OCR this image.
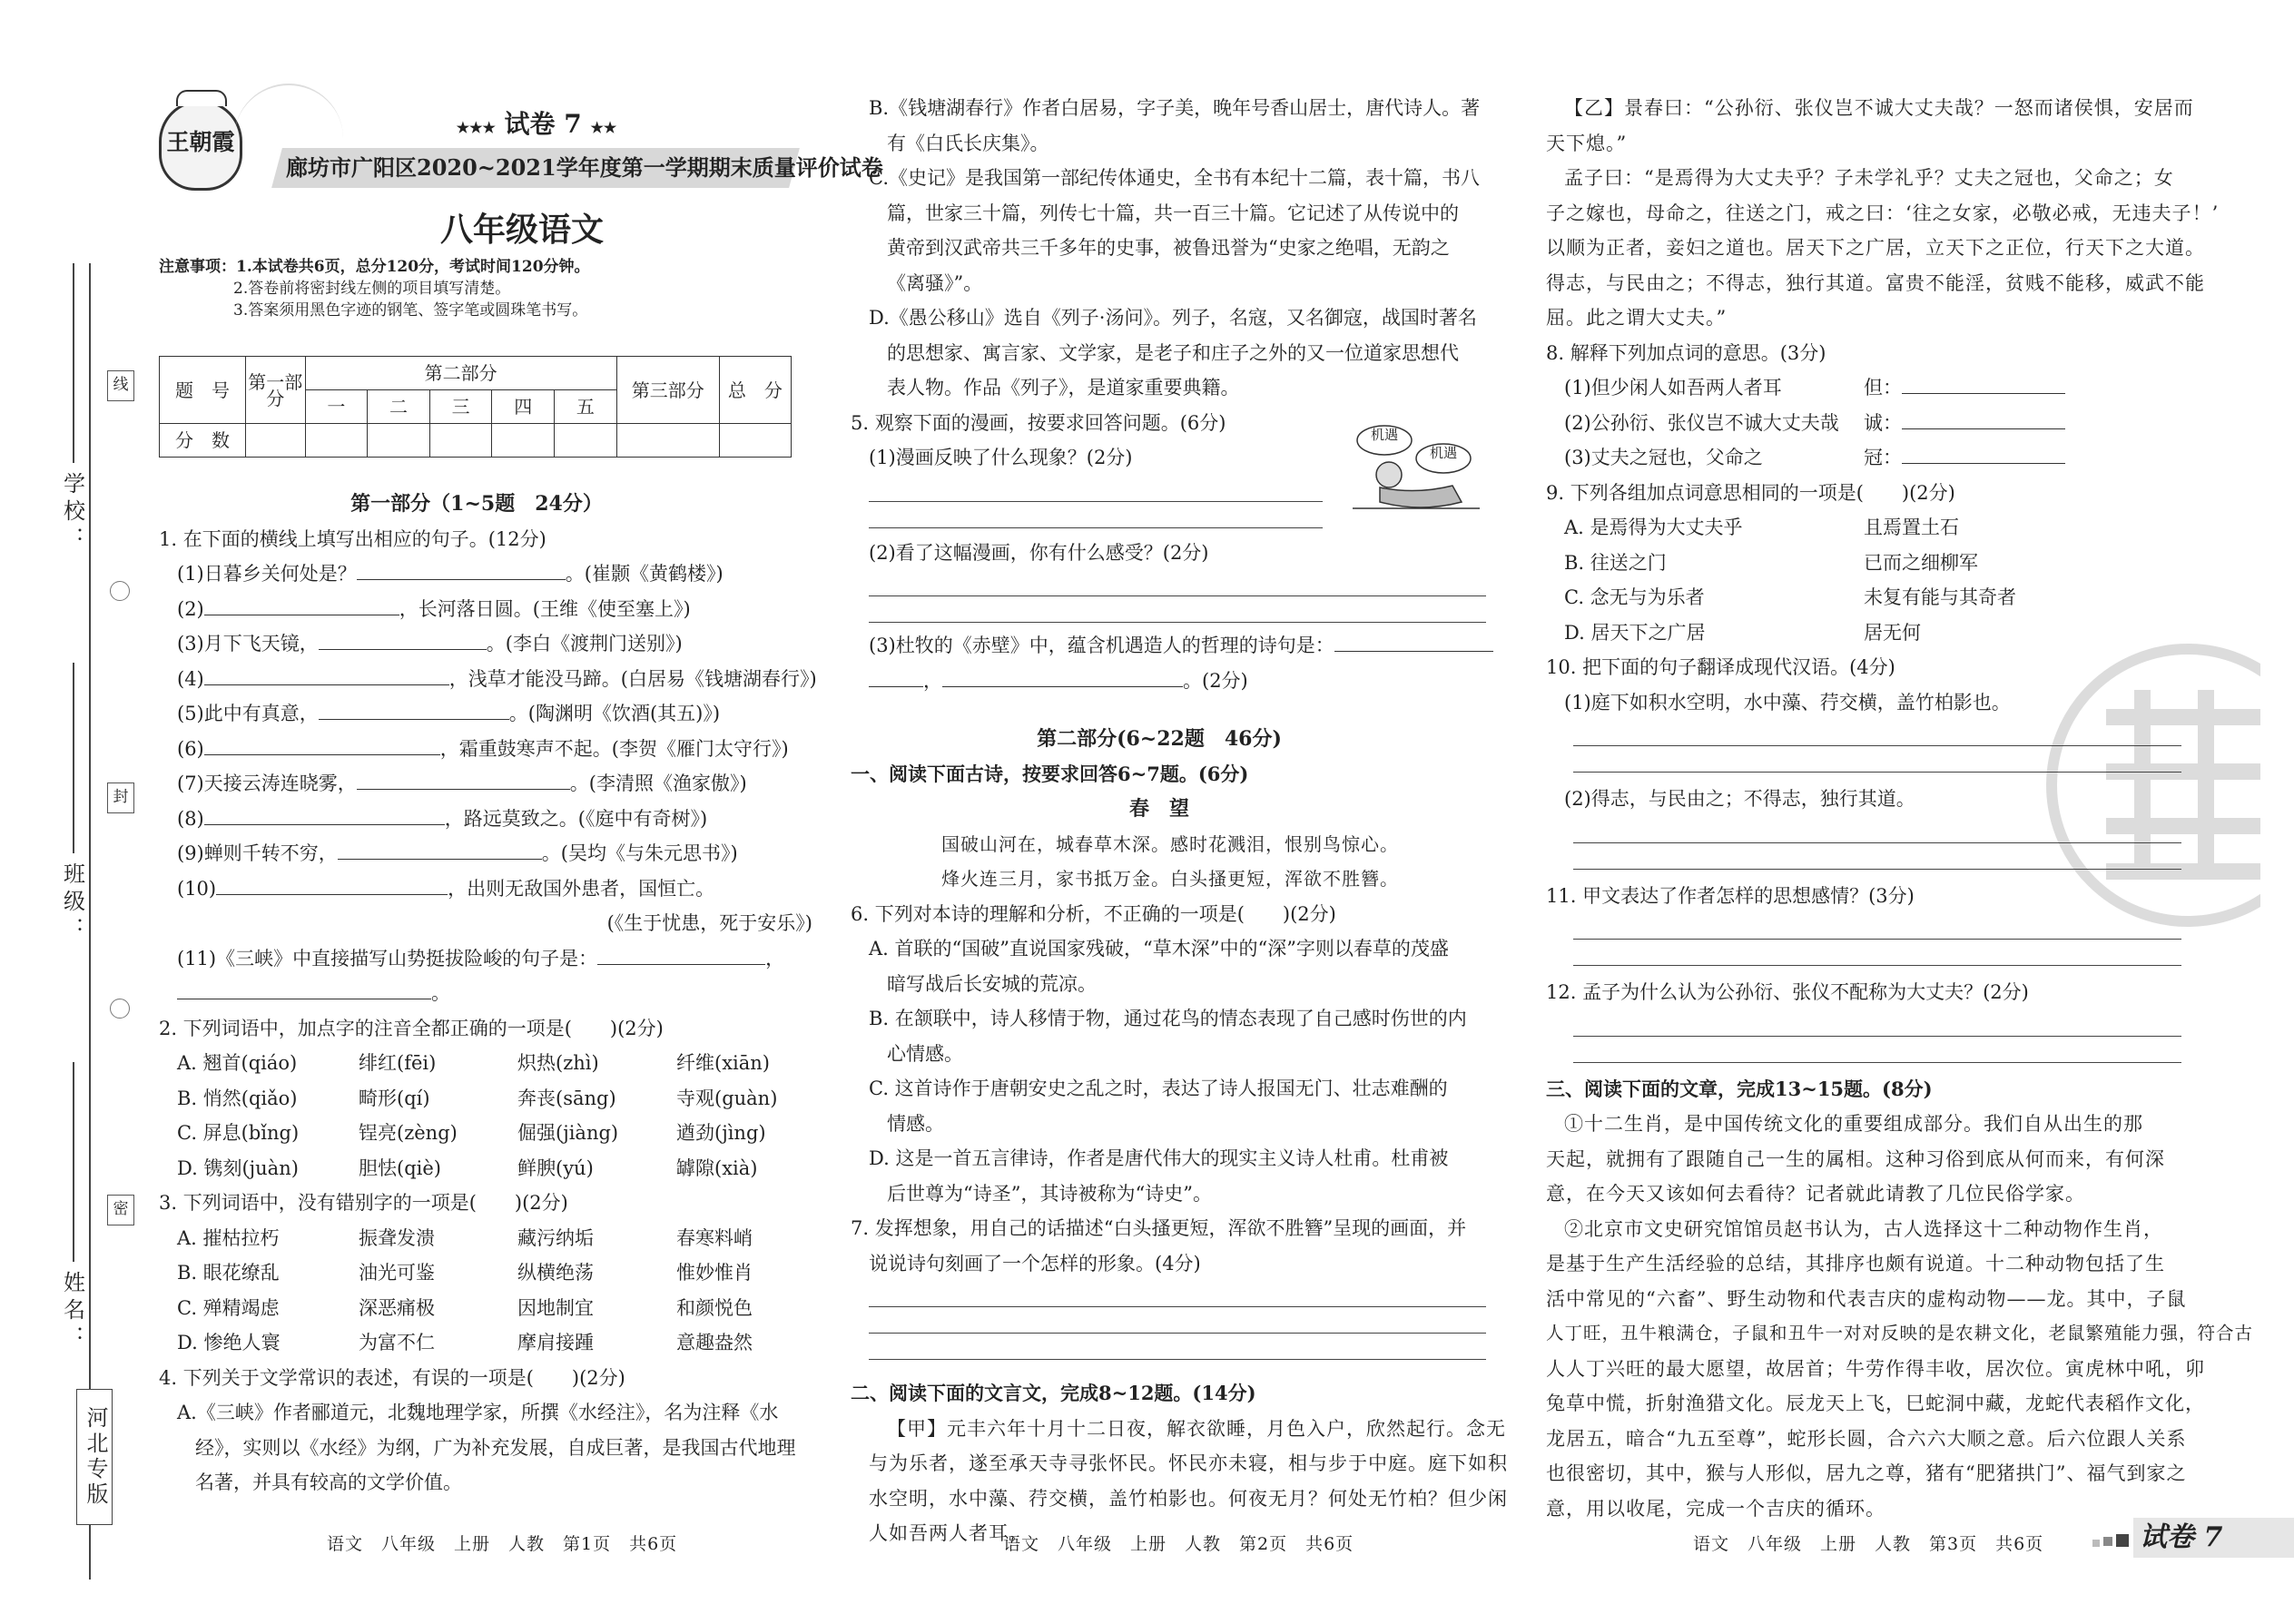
线
封
密
学校：
班级：
姓名：
河北专版
王朝霞
★★★ 试卷 7 ★★
廊坊市广阳区2020~2021学年度第一学期期末质量评价试卷
八年级语文
注意事项：1.本试卷共6页，总分120分，考试时间120分钟。
2.答卷前将密封线左侧的项目填写清楚。
3.答案须用黑色字迹的钢笔、签字笔或圆珠笔书写。
题　号	第一部分	第二部分					第三部分	总　分
		一	二	三	四	五		
分　数								
第一部分（1~5题　24分）
1. 在下面的横线上填写出相应的句子。(12分)
(1)日暮乡关何处是？	。(崔颢《黄鹤楼》)
(2)	，长河落日圆。(王维《使至塞上》)
(3)月下飞天镜，	。(李白《渡荆门送别》)
(4)	，浅草才能没马蹄。(白居易《钱塘湖春行》)
(5)此中有真意，	。(陶渊明《饮酒(其五)》)
(6)	，霜重鼓寒声不起。(李贺《雁门太守行》)
(7)天接云涛连晓雾，	。(李清照《渔家傲》)
(8)	，路远莫致之。(《庭中有奇树》)
(9)蝉则千转不穷，	。(吴均《与朱元思书》)
(10)	，出则无敌国外患者，国恒亡。
(《生于忧患，死于安乐》)
(11)《三峡》中直接描写山势挺拔险峻的句子是：	，
。
2. 下列词语中，加点字的注音全都正确的一项是(　　)(2分)
A. 翘首(qiáo)	绯红(fēi)	炽热(zhì)	纤维(xiān)
B. 悄然(qiǎo)	畸形(qí)	奔丧(sāng)	寺观(guàn)
C. 屏息(bǐng)	锃亮(zèng)	倔强(jiàng)	遒劲(jìng)
D. 镌刻(juàn)	胆怯(qiè)	鲜腴(yú)	罅隙(xià)
3. 下列词语中，没有错别字的一项是(　　)(2分)
A. 摧枯拉朽	振聋发溃	藏污纳垢	春寒料峭
B. 眼花缭乱	油光可鉴	纵横绝荡	惟妙惟肖
C. 殚精竭虑	深恶痛极	因地制宜	和颜悦色
D. 惨绝人寰	为富不仁	摩肩接踵	意趣盎然
4. 下列关于文学常识的表述，有误的一项是(　　)(2分)
A.《三峡》作者郦道元，北魏地理学家，所撰《水经注》，名为注释《水
经》，实则以《水经》为纲，广为补充发展，自成巨著，是我国古代地理
名著，并具有较高的文学价值。
B.《钱塘湖春行》作者白居易，字子美，晚年号香山居士，唐代诗人。著
有《白氏长庆集》。
C.《史记》是我国第一部纪传体通史，全书有本纪十二篇，表十篇，书八
篇，世家三十篇，列传七十篇，共一百三十篇。它记述了从传说中的
黄帝到汉武帝共三千多年的史事，被鲁迅誉为“史家之绝唱，无韵之
《离骚》”。
D.《愚公移山》选自《列子·汤问》。列子，名寇，又名御寇，战国时著名
的思想家、寓言家、文学家，是老子和庄子之外的又一位道家思想代
表人物。作品《列子》，是道家重要典籍。
5. 观察下面的漫画，按要求回答问题。(6分)
(1)漫画反映了什么现象？(2分)
(2)看了这幅漫画，你有什么感受？(2分)
(3)杜牧的《赤壁》中，蕴含机遇造人的哲理的诗句是：
，	。(2分)
第二部分(6~22题　46分)
一、阅读下面古诗，按要求回答6~7题。(6分)
春　望
国破山河在，城春草木深。感时花溅泪，恨别鸟惊心。
烽火连三月，家书抵万金。白头搔更短，浑欲不胜簪。
6. 下列对本诗的理解和分析，不正确的一项是(　　)(2分)
A. 首联的“国破”直说国家残破，“草木深”中的“深”字则以春草的茂盛
暗写战后长安城的荒凉。
B. 在颔联中，诗人移情于物，通过花鸟的情态表现了自己感时伤世的内
心情感。
C. 这首诗作于唐朝安史之乱之时，表达了诗人报国无门、壮志难酬的
情感。
D. 这是一首五言律诗，作者是唐代伟大的现实主义诗人杜甫。杜甫被
后世尊为“诗圣”，其诗被称为“诗史”。
7. 发挥想象，用自己的话描述“白头搔更短，浑欲不胜簪”呈现的画面，并
说说诗句刻画了一个怎样的形象。(4分)
二、阅读下面的文言文，完成8~12题。(14分)
【甲】元丰六年十月十二日夜，解衣欲睡，月色入户，欣然起行。念无
与为乐者，遂至承天寺寻张怀民。怀民亦未寝，相与步于中庭。庭下如积
水空明，水中藻、荇交横，盖竹柏影也。何夜无月？何处无竹柏？但少闲
人如吾两人者耳。
机遇
机遇
【乙】景春曰：“公孙衍、张仪岂不诚大丈夫哉？一怒而诸侯惧，安居而
天下熄。”
孟子曰：“是焉得为大丈夫乎？子未学礼乎？丈夫之冠也，父命之；女
子之嫁也，母命之，往送之门，戒之曰：‘往之女家，必敬必戒，无违夫子！’
以顺为正者，妾妇之道也。居天下之广居，立天下之正位，行天下之大道。
得志，与民由之；不得志，独行其道。富贵不能淫，贫贱不能移，威武不能
屈。此之谓大丈夫。”
8. 解释下列加点词的意思。(3分)
(1)但少闲人如吾两人者耳	但：
(2)公孙衍、张仪岂不诚大丈夫哉	诚：
(3)丈夫之冠也，父命之	冠：
9. 下列各组加点词意思相同的一项是(　　)(2分)
A. 是焉得为大丈夫乎	且焉置土石
B. 往送之门	已而之细柳军
C. 念无与为乐者	未复有能与其奇者
D. 居天下之广居	居无何
10. 把下面的句子翻译成现代汉语。(4分)
(1)庭下如积水空明，水中藻、荇交横，盖竹柏影也。
(2)得志，与民由之；不得志，独行其道。
11. 甲文表达了作者怎样的思想感情？(3分)
12. 孟子为什么认为公孙衍、张仪不配称为大丈夫？(2分)
三、阅读下面的文章，完成13~15题。(8分)
①十二生肖，是中国传统文化的重要组成部分。我们自从出生的那
天起，就拥有了跟随自己一生的属相。这种习俗到底从何而来，有何深
意，在今天又该如何去看待？记者就此请教了几位民俗学家。
②北京市文史研究馆馆员赵书认为，古人选择这十二种动物作生肖，
是基于生产生活经验的总结，其排序也颇有说道。十二种动物包括了生
活中常见的“六畜”、野生动物和代表吉庆的虚构动物——龙。其中，子鼠
人丁旺，丑牛粮满仓，子鼠和丑牛一对对反映的是农耕文化，老鼠繁殖能力强，符合古
人人丁兴旺的最大愿望，故居首；牛劳作得丰收，居次位。寅虎林中吼，卯
兔草中慌，折射渔猎文化。辰龙天上飞，巳蛇洞中藏，龙蛇代表稻作文化，
龙居五，暗合“九五至尊”，蛇形长圆，合六六大顺之意。后六位跟人关系
也很密切，其中，猴与人形似，居九之尊，猪有“肥猪拱门”、福气到家之
意，用以收尾，完成一个吉庆的循环。
语文　八年级　上册　人教　第1页　共6页	语文　八年级　上册　人教　第2页　共6页	语文　八年级　上册　人教　第3页　共6页	试卷 7
